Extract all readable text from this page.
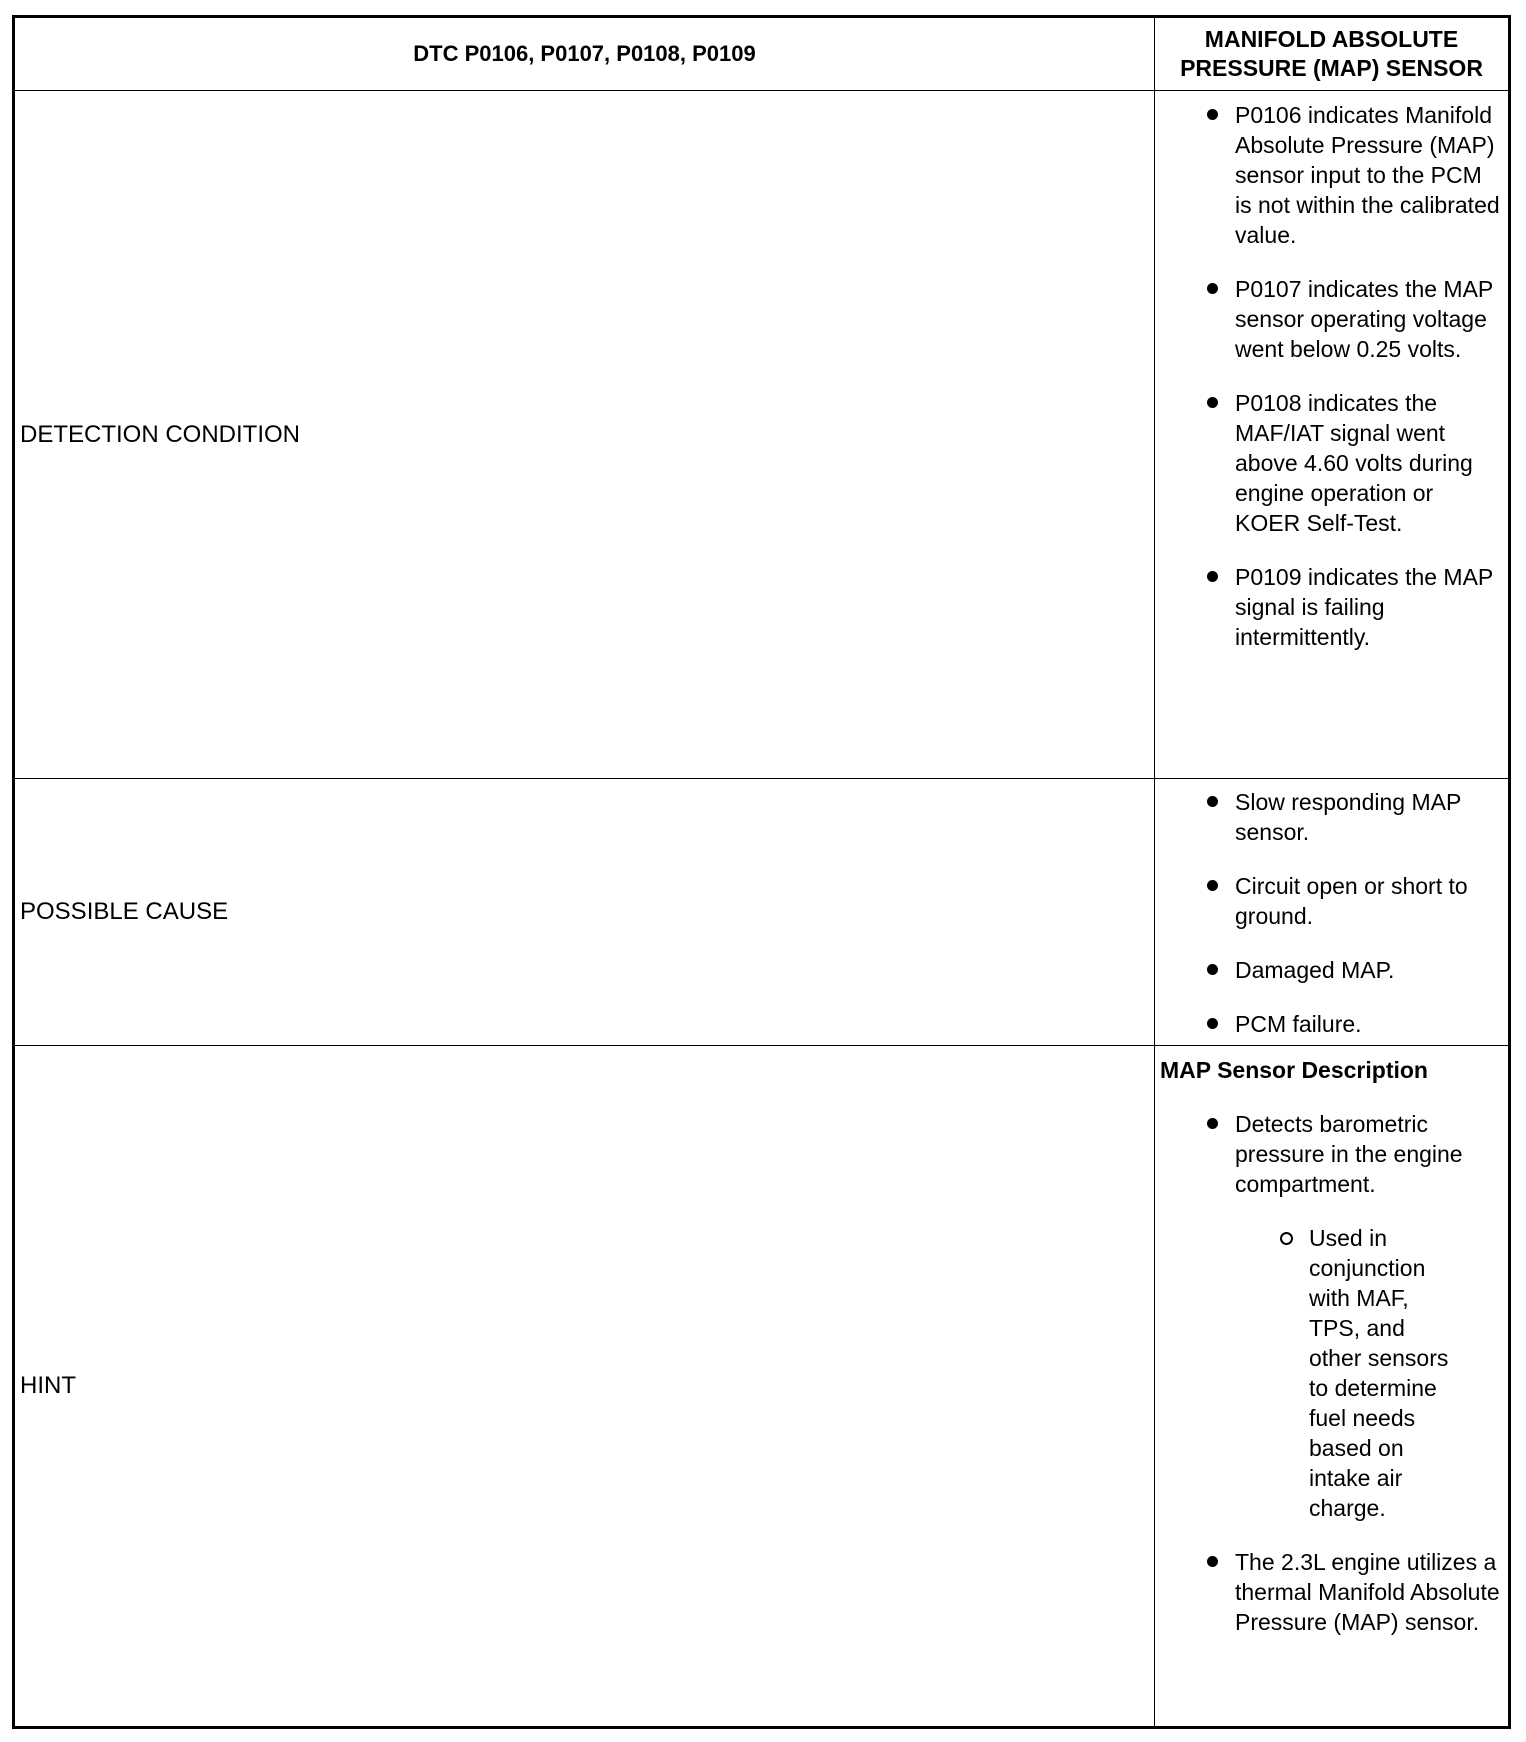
DTC P0106, P0107, P0108, P0109
MANIFOLD ABSOLUTE
PRESSURE (MAP) SENSOR
DETECTION CONDITION
P0106 indicates Manifold Absolute Pressure (MAP) sensor input to the PCM is not within the calibrated value.
P0107 indicates the MAP sensor operating voltage went below 0.25 volts.
P0108 indicates the MAF/IAT signal went above 4.60 volts during engine operation or KOER Self-Test.
P0109 indicates the MAP signal is failing intermittently.
POSSIBLE CAUSE
Slow responding MAP sensor.
Circuit open or short to ground.
Damaged MAP.
PCM failure.
HINT
MAP Sensor Description
Detects barometric pressure in the engine compartment.
Used in conjunction with MAF, TPS, and other sensors to determine fuel needs based on intake air charge.
The 2.3L engine utilizes a thermal Manifold Absolute Pressure (MAP) sensor.
